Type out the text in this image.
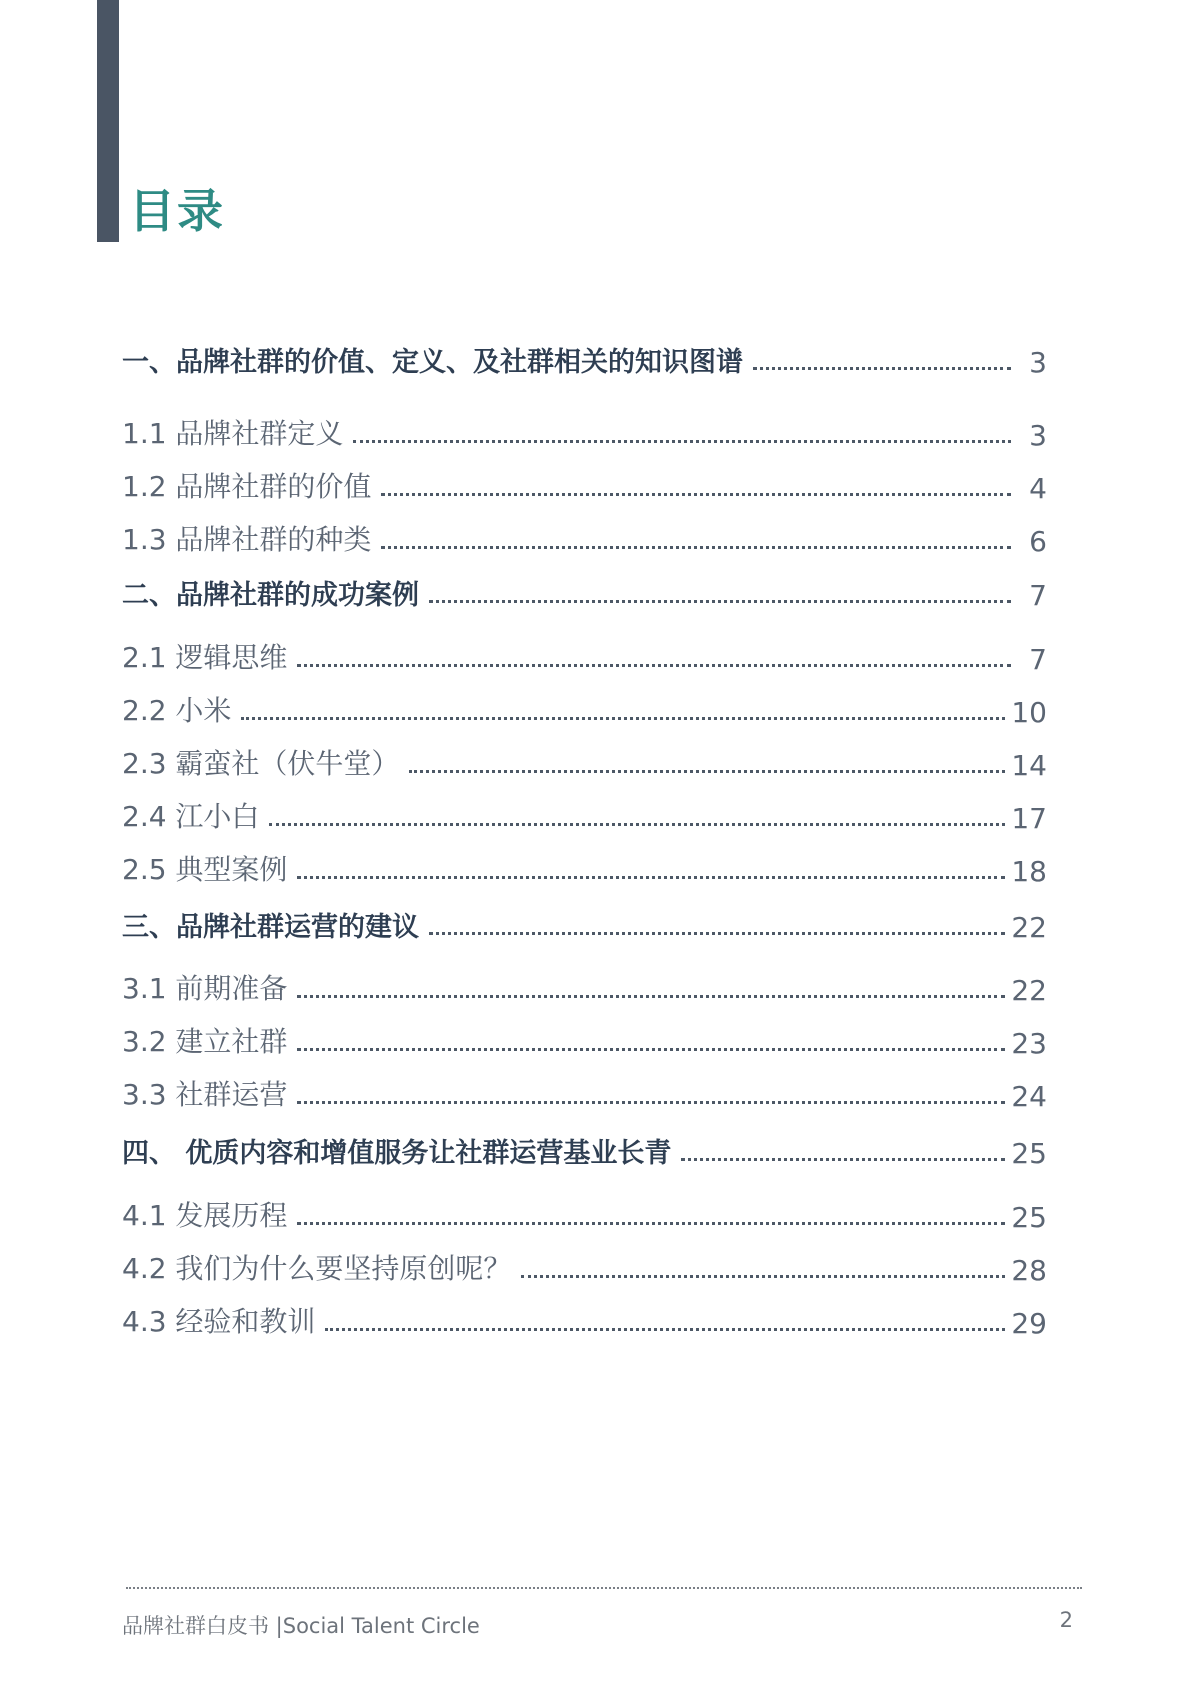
目录
一、品牌社群的价值、定义、及社群相关的知识图谱	3
1.1 品牌社群定义	3
1.2 品牌社群的价值	4
1.3 品牌社群的种类	6
二、品牌社群的成功案例	7
2.1 逻辑思维	7
2.2 小米	10
2.3 霸蛮社（伏牛堂）	14
2.4 江小白	17
2.5 典型案例	18
三、品牌社群运营的建议	22
3.1 前期准备	22
3.2 建立社群	23
3.3 社群运营	24
四、 优质内容和增值服务让社群运营基业长青	25
4.1 发展历程	25
4.2 我们为什么要坚持原创呢？	28
4.3 经验和教训	29
品牌社群白皮书 |Social Talent Circle	2
